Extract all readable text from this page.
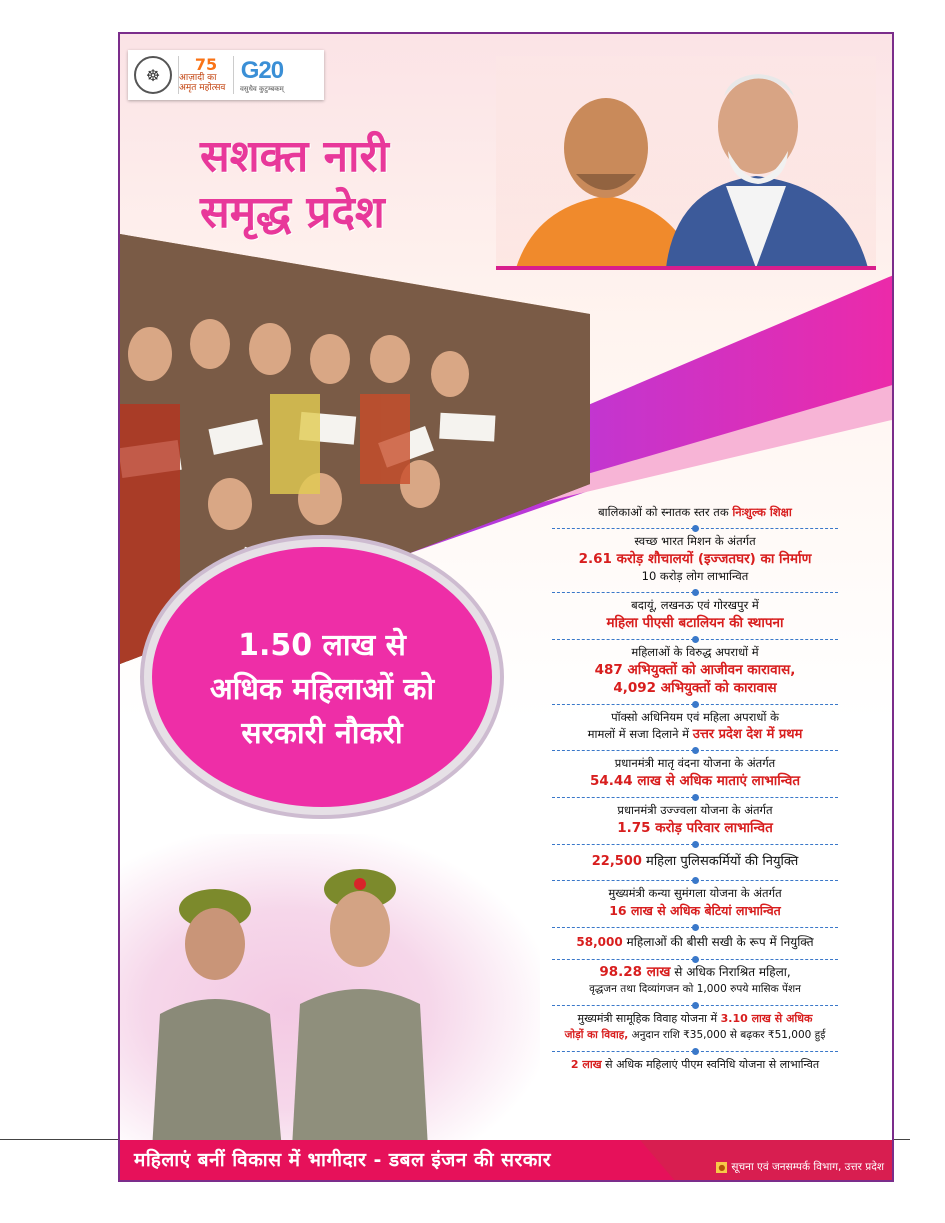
☸
75
आज़ादी का अमृत महोत्सव
G20
वसुधैव कुटुम्बकम्
सशक्त नारी
समृद्ध प्रदेश
1.50 लाख से
अधिक महिलाओं को
सरकारी नौकरी
बालिकाओं को स्नातक स्तर तक निःशुल्क शिक्षा
स्वच्छ भारत मिशन के अंतर्गत
2.61 करोड़ शौचालयों (इज्जतघर) का निर्माण
10 करोड़ लोग लाभान्वित
बदायूं, लखनऊ एवं गोरखपुर में
महिला पीएसी बटालियन की स्थापना
महिलाओं के विरुद्ध अपराधों में
487 अभियुक्तों को आजीवन कारावास,
4,092 अभियुक्तों को कारावास
पॉक्सो अधिनियम एवं महिला अपराधों के
मामलों में सजा दिलाने में उत्तर प्रदेश देश में प्रथम
प्रधानमंत्री मातृ वंदना योजना के अंतर्गत
54.44 लाख से अधिक माताएं लाभान्वित
प्रधानमंत्री उज्ज्वला योजना के अंतर्गत
1.75 करोड़ परिवार लाभान्वित
22,500 महिला पुलिसकर्मियों की नियुक्ति
मुख्यमंत्री कन्या सुमंगला योजना के अंतर्गत
16 लाख से अधिक बेटियां लाभान्वित
58,000 महिलाओं की बीसी सखी के रूप में नियुक्ति
98.28 लाख से अधिक निराश्रित महिला,
वृद्धजन तथा दिव्यांगजन को 1,000 रुपये मासिक पेंशन
मुख्यमंत्री सामूहिक विवाह योजना में 3.10 लाख से अधिक
जोड़ों का विवाह, अनुदान राशि ₹35,000 से बढ़कर ₹51,000 हुई
2 लाख से अधिक महिलाएं पीएम स्वनिधि योजना से लाभान्वित
महिलाएं बनीं विकास में भागीदार - डबल इंजन की सरकार	● सूचना एवं जनसम्पर्क विभाग, उत्तर प्रदेश
